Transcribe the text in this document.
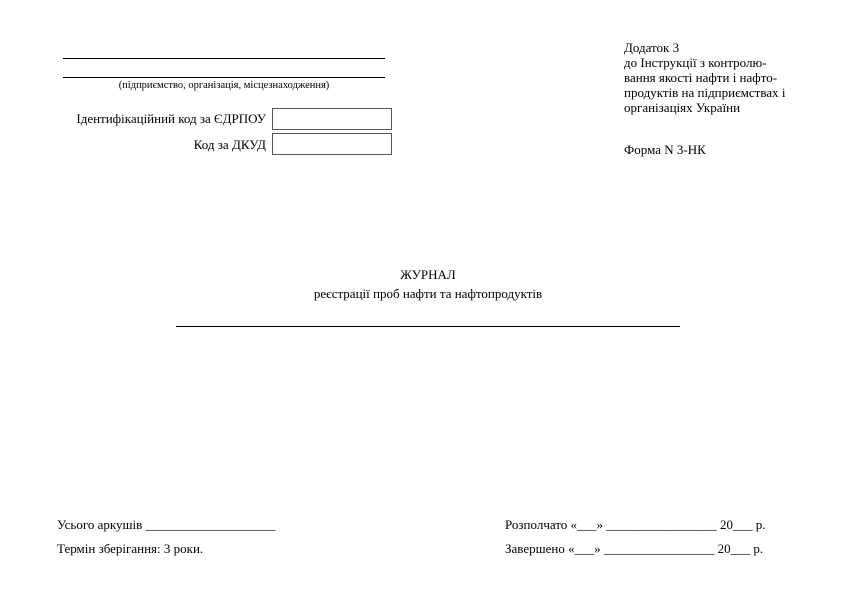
(підприємство, організація, місцезнаходження)
Ідентифікаційний код за ЄДРПОУ
Код за ДКУД
Додаток 3
до Інструкції з контролю-
вання якості нафти і нафто-
продуктів на підприємствах і
організаціях України
Форма N 3-НК
ЖУРНАЛ
реєстрації проб нафти та нафтопродуктів
Усього аркушів ____________________
Термін зберігання: 3 роки.
Розполчато «___» _________________ 20___ р.
Завершено «___» _________________ 20___ р.
